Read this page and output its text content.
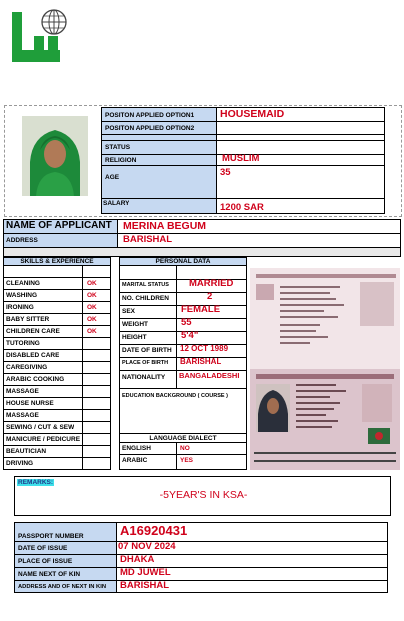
POSITON APPLIED OPTION1 HOUSEMAID
POSITON APPLIED OPTION2
STATUS
RELIGION	MUSLIM
AGE	35
SALARY	1200 SAR
NAME OF APPLICANT MERINA BEGUM
ADDRESS	BARISHAL
SKILLS & EXPERIENCE
CLEANING	OK
WASHING	OK
IRONING	OK
BABY SITTER	OK
CHILDREN CARE	OK
TUTORING
DISABLED CARE
CAREGIVING
ARABIC COOKING
MASSAGE
HOUSE NURSE
MASSAGE
SEWING / CUT & SEW
MANICURE / PEDICURE
BEAUTICIAN
DRIVING
PERSONAL DATA
MARITAL STATUS MARRIED
NO. CHILDREN	2
SEX	FEMALE
WEIGHT	55
HEIGHT	5'4"
DATE OF BIRTH 12 OCT 1989
PLACE OF BIRTH BARISHAL
NATIONALITY BANGALADESHI
EDUCATION BACKGROUND ( COURSE )
LANGUAGE DIALECT
ENGLISH	NO
ARABIC	YES
REMARKS:
-5YEAR'S IN KSA-
PASSPORT NUMBER	A16920431
DATE OF ISSUE	07 NOV 2024
PLACE OF ISSUE	DHAKA
NAME NEXT OF KIN	MD JUWEL
ADDRESS AND OF NEXT IN KIN BARISHAL
